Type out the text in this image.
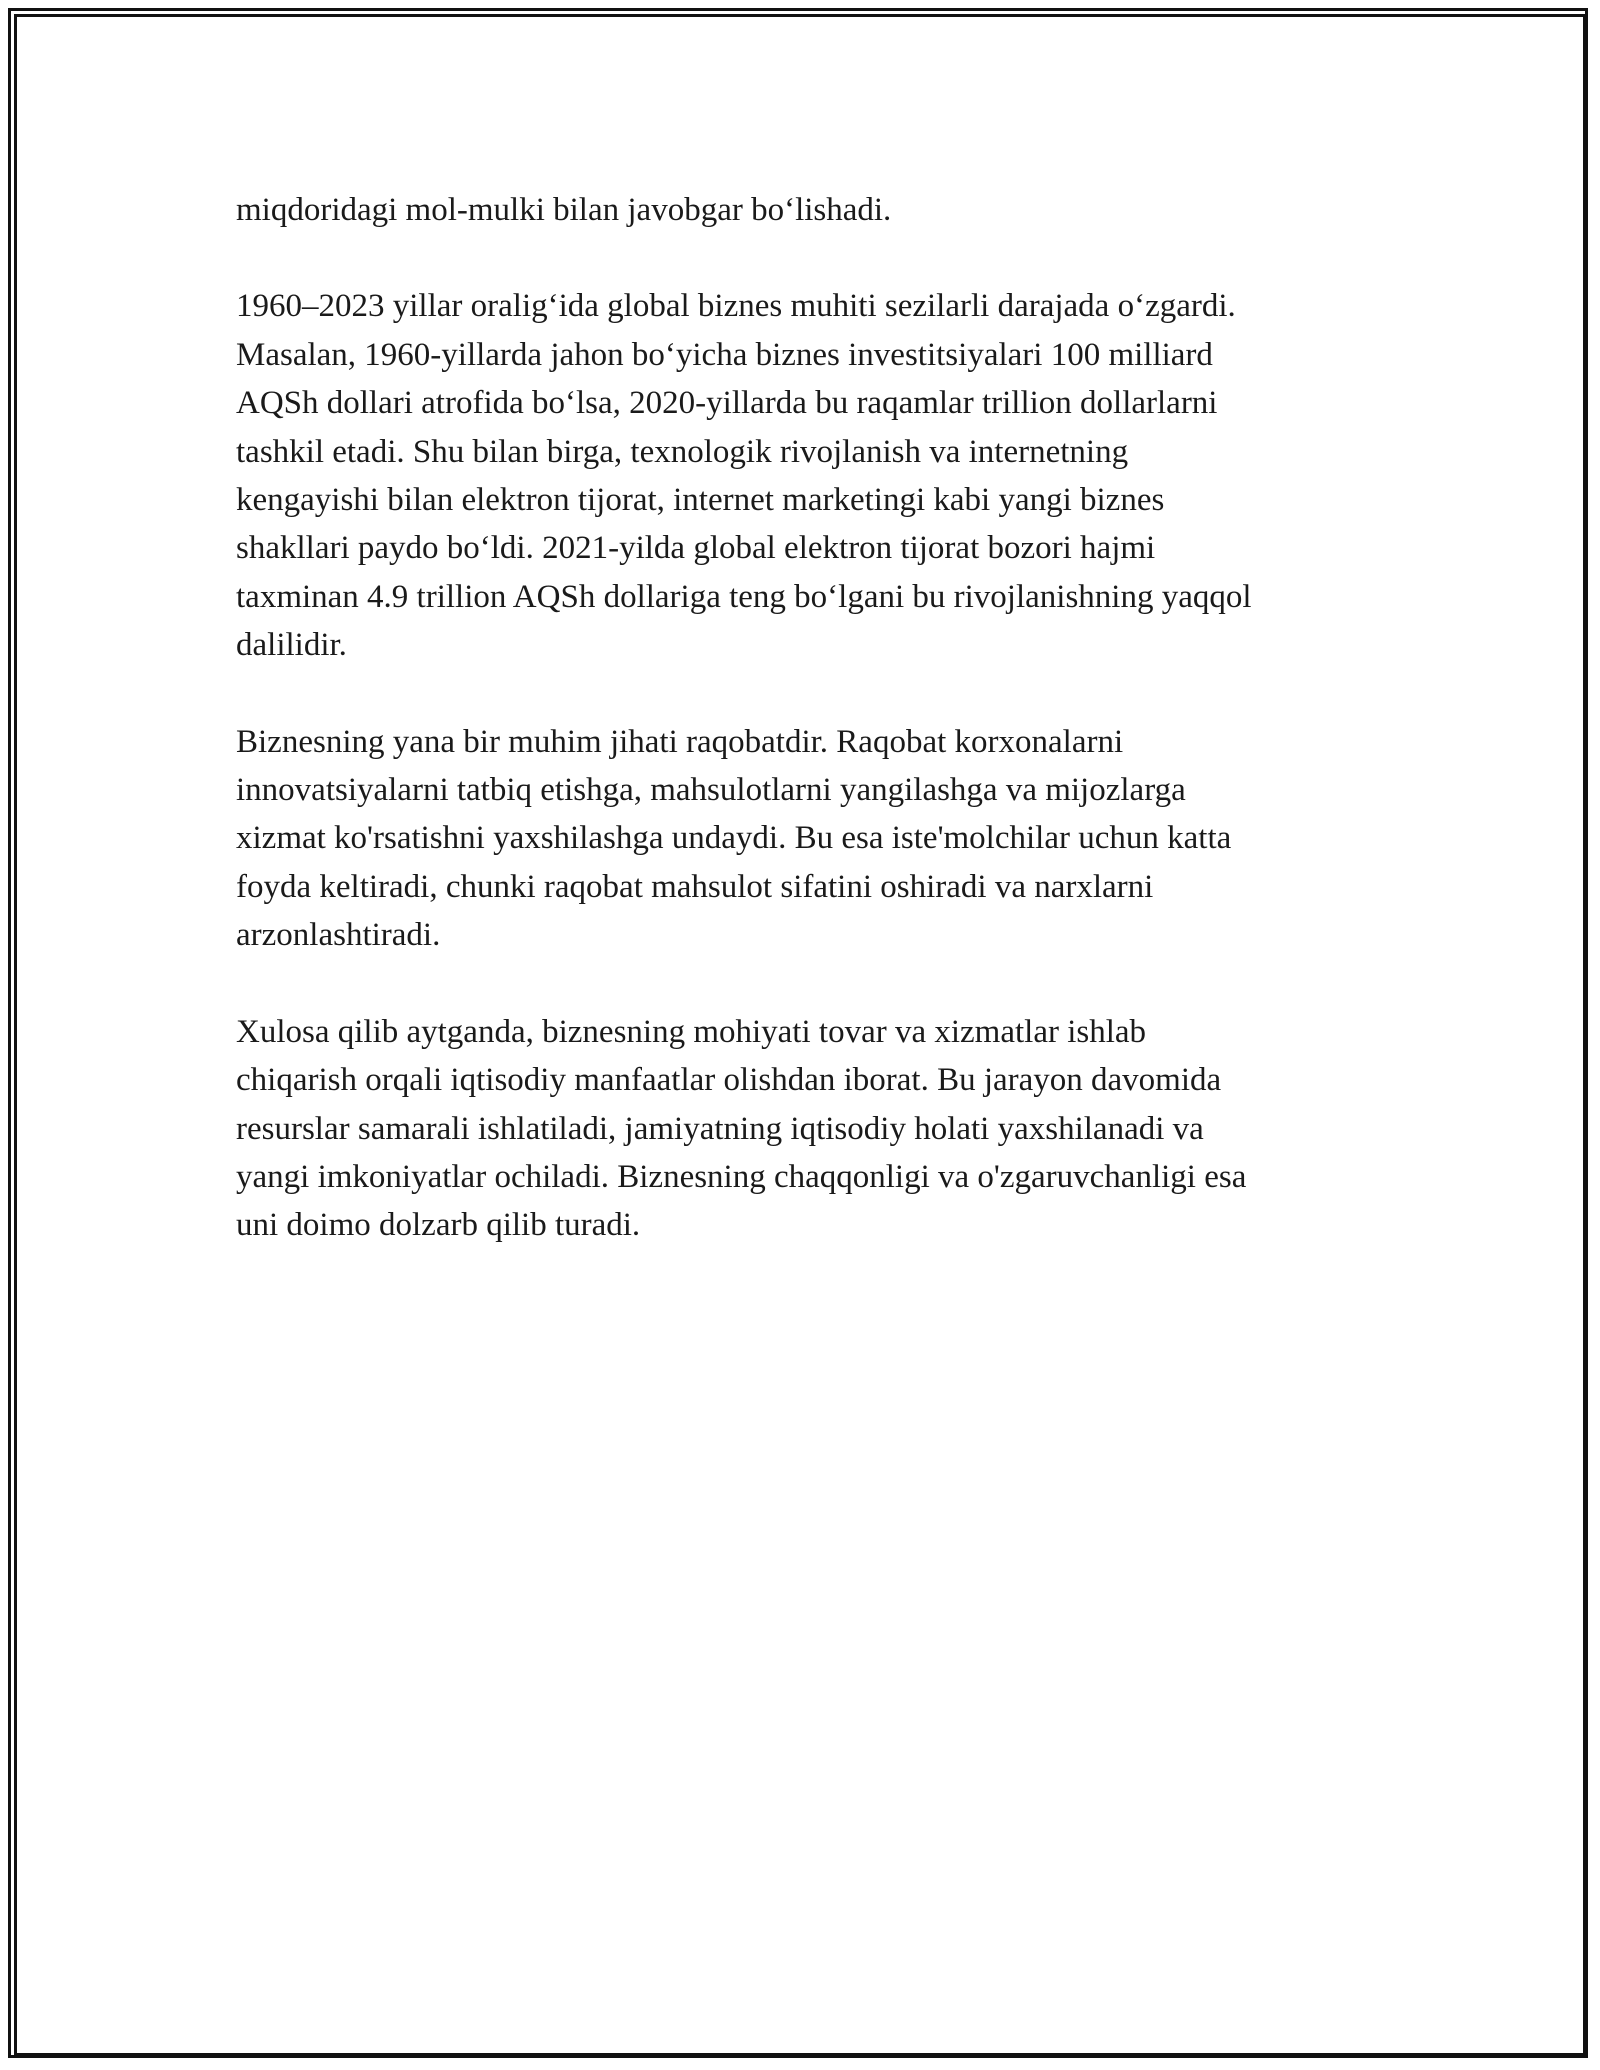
miqdoridagi mol-mulki bilan javobgar bo‘lishadi.

1960–2023 yillar oralig‘ida global biznes muhiti sezilarli darajada o‘zgardi.
Masalan, 1960-yillarda jahon bo‘yicha biznes investitsiyalari 100 milliard
AQSh dollari atrofida bo‘lsa, 2020-yillarda bu raqamlar trillion dollarlarni
tashkil etadi. Shu bilan birga, texnologik rivojlanish va internetning
kengayishi bilan elektron tijorat, internet marketingi kabi yangi biznes
shakllari paydo bo‘ldi. 2021-yilda global elektron tijorat bozori hajmi
taxminan 4.9 trillion AQSh dollariga teng bo‘lgani bu rivojlanishning yaqqol
dalilidir.

Biznesning yana bir muhim jihati raqobatdir. Raqobat korxonalarni
innovatsiyalarni tatbiq etishga, mahsulotlarni yangilashga va mijozlarga
xizmat ko'rsatishni yaxshilashga undaydi. Bu esa iste'molchilar uchun katta
foyda keltiradi, chunki raqobat mahsulot sifatini oshiradi va narxlarni
arzonlashtiradi.

Xulosa qilib aytganda, biznesning mohiyati tovar va xizmatlar ishlab
chiqarish orqali iqtisodiy manfaatlar olishdan iborat. Bu jarayon davomida
resurslar samarali ishlatiladi, jamiyatning iqtisodiy holati yaxshilanadi va
yangi imkoniyatlar ochiladi. Biznesning chaqqonligi va o'zgaruvchanligi esa
uni doimo dolzarb qilib turadi.
